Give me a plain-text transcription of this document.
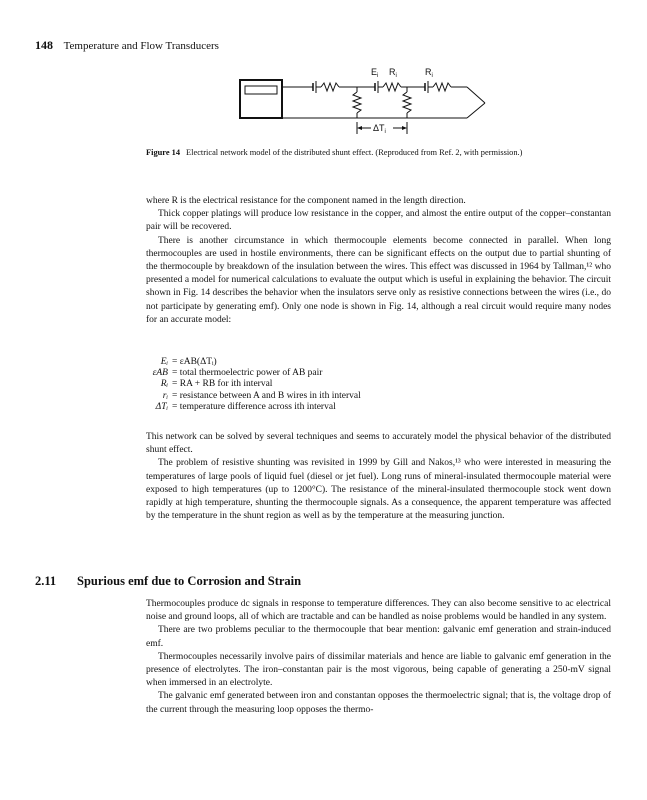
148 Temperature and Flow Transducers
$E_i$ $R_i$	$R_i$
$\Delta T_i$
Figure 14 Electrical network model of the distributed shunt effect. (Reproduced from Ref. 2, with permission.)

where R is the electrical resistance for the component named in the length direction.

Thick copper platings will produce low resistance in the copper, and almost the entire output of the copper–constantan pair will be recovered.

There is another circumstance in which thermocouple elements become connected in parallel. When long thermocouples are used in hostile environments, there can be significant effects on the output due to partial shunting of the thermocouple by breakdown of the insulation between the wires. This effect was discussed in 1964 by Tallman,¹² who presented a model for numerical calculations to evaluate the output which is useful in explaining the behavior. The circuit shown in Fig. 14 describes the behavior when the insulators serve only as resistive connections between the wires (i.e., do not participate by generating emf). Only one node is shown in Fig. 14, although a real circuit would require many nodes for an accurate model:

Eᵢ = εAB(ΔTᵢ)
εAB = total thermoelectric power of AB pair
Rᵢ = RA + RB for ith interval
rᵢ = resistance between A and B wires in ith interval
ΔTᵢ = temperature difference across ith interval

This network can be solved by several techniques and seems to accurately model the physical behavior of the distributed shunt effect.

The problem of resistive shunting was revisited in 1999 by Gill and Nakos,¹³ who were interested in measuring the temperatures of large pools of liquid fuel (diesel or jet fuel). Long runs of mineral-insulated thermocouple material were exposed to high temperatures (up to 1200°C). The resistance of the mineral-insulated thermocouple stock went down rapidly at high temperature, shunting the thermocouple signals. As a consequence, the apparent temperature was affected by the temperature in the shunt region as well as by the temperature at the measuring junction.

2.11 Spurious emf due to Corrosion and Strain

Thermocouples produce dc signals in response to temperature differences. They can also become sensitive to ac electrical noise and ground loops, all of which are tractable and can be handled as noise problems would be handled in any system.

There are two problems peculiar to the thermocouple that bear mention: galvanic emf generation and strain-induced emf.

Thermocouples necessarily involve pairs of dissimilar materials and hence are liable to galvanic emf generation in the presence of electrolytes. The iron–constantan pair is the most vigorous, being capable of generating a 250-mV signal when immersed in an electrolyte.

The galvanic emf generated between iron and constantan opposes the thermoelectric signal; that is, the voltage drop of the current through the measuring loop opposes the thermo-
